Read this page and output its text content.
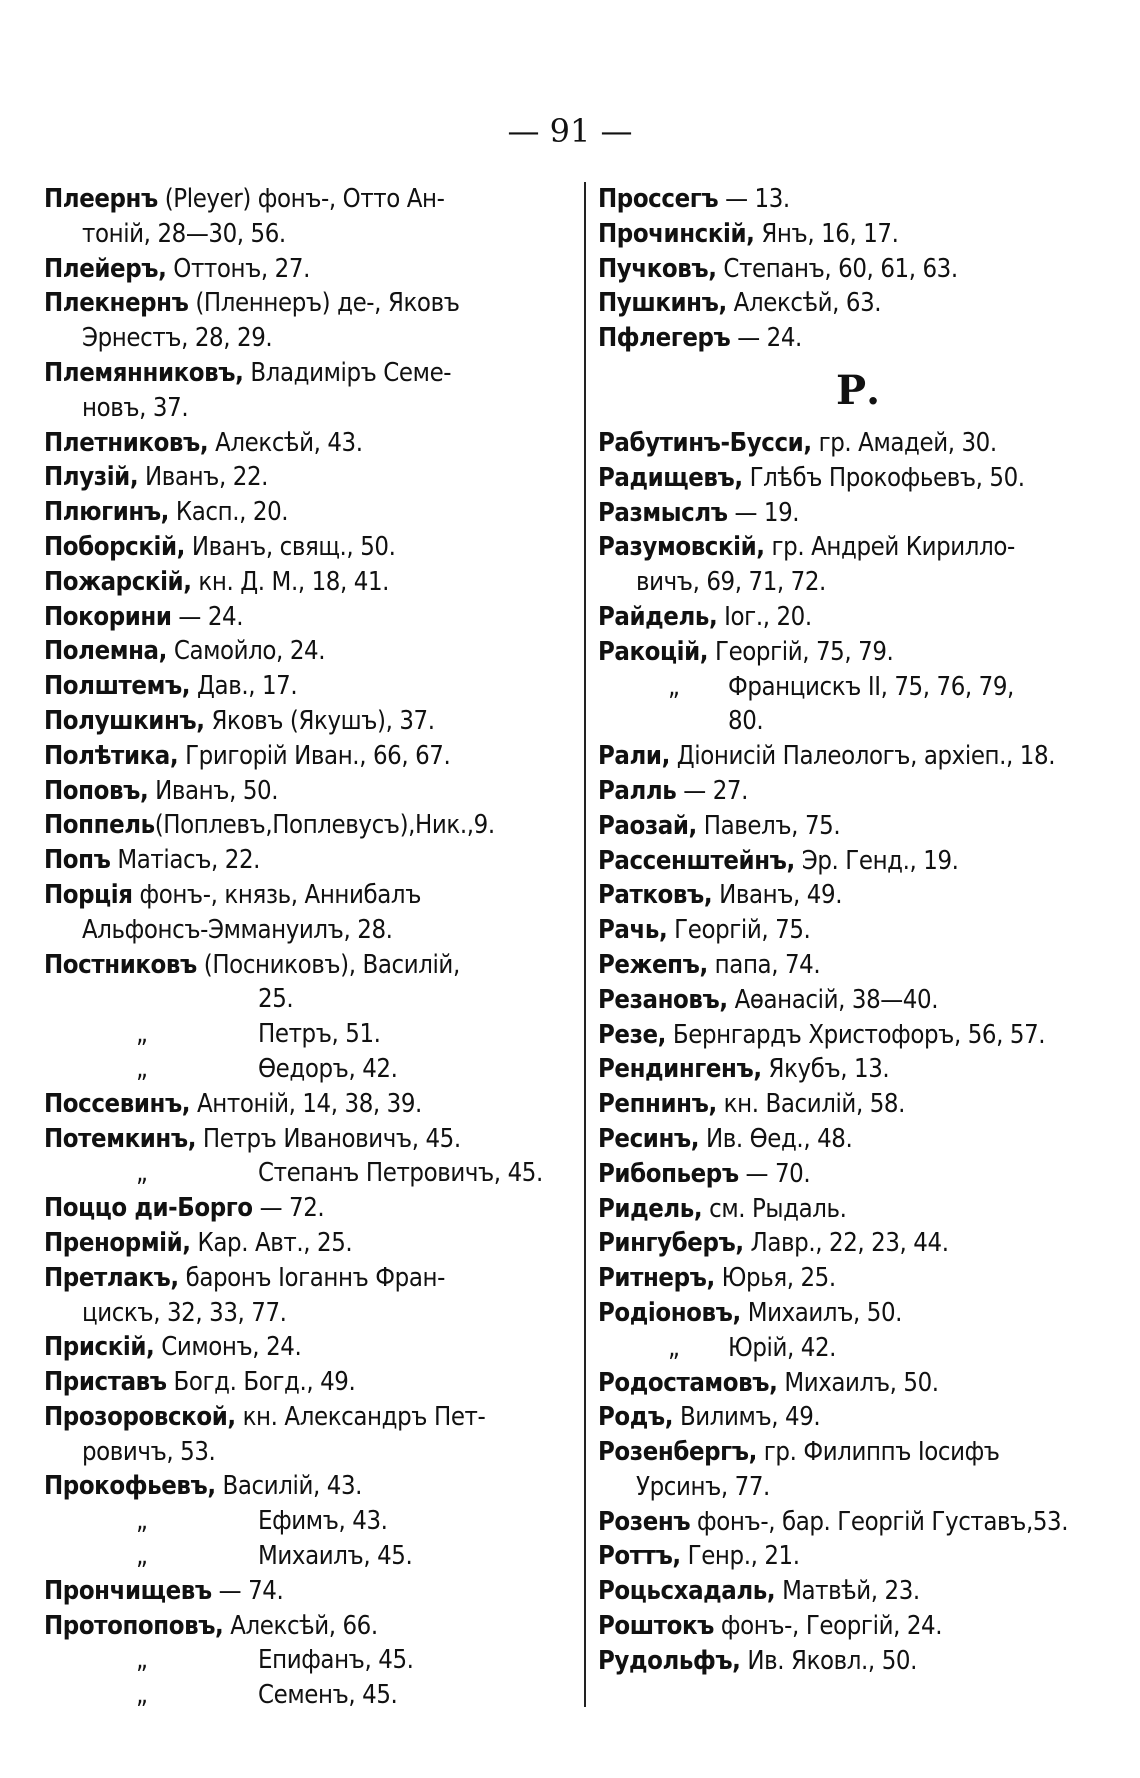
— 91 —
Плеернъ (Pleyer) фонъ-, Отто Ан-
тоній, 28—30, 56.
Плейеръ, Оттонъ, 27.
Плекнернъ (Пленнеръ) де-, Яковъ
Эрнестъ, 28, 29.
Племянниковъ, Владиміръ Семе-
новъ, 37.
Плетниковъ, Алексѣй, 43.
Плузій, Иванъ, 22.
Плюгинъ, Касп., 20.
Поборскій, Иванъ, свящ., 50.
Пожарскій, кн. Д. М., 18, 41.
Покорини — 24.
Полемна, Самойло, 24.
Полштемъ, Дав., 17.
Полушкинъ, Яковъ (Якушъ), 37.
Полѣтика, Григорій Иван., 66, 67.
Поповъ, Иванъ, 50.
Поппель(Поплевъ,Поплевусъ),Ник.,9.
Попъ Матіасъ, 22.
Порція фонъ-, князь, Аннибалъ
Альфонсъ-Эммануилъ, 28.
Постниковъ (Посниковъ), Василій,
25.
„	Петръ, 51.
„	Өедоръ, 42.
Поссевинъ, Антоній, 14, 38, 39.
Потемкинъ, Петръ Ивановичъ, 45.
„	Степанъ Петровичъ, 45.
Поццо ди-Борго — 72.
Пренормій, Кар. Авт., 25.
Претлакъ, баронъ Іоганнъ Фран-
цискъ, 32, 33, 77.
Прискій, Симонъ, 24.
Приставъ Богд. Богд., 49.
Прозоровской, кн. Александръ Пет-
ровичъ, 53.
Прокофьевъ, Василій, 43.
„	Ефимъ, 43.
„	Михаилъ, 45.
Прончищевъ — 74.
Протопоповъ, Алексѣй, 66.
„	Епифанъ, 45.
„	Семенъ, 45.
Проссегъ — 13.
Прочинскій, Янъ, 16, 17.
Пучковъ, Степанъ, 60, 61, 63.
Пушкинъ, Алексѣй, 63.
Пфлегеръ — 24.
Р.
Рабутинъ-Бусси, гр. Амадей, 30.
Радищевъ, Глѣбъ Прокофьевъ, 50.
Размыслъ — 19.
Разумовскій, гр. Андрей Кирилло-
вичъ, 69, 71, 72.
Райдель, Іог., 20.
Ракоцій, Георгій, 75, 79.
„ Францискъ II, 75, 76, 79,
80.
Рали, Діонисій Палеологъ, архіеп., 18.
Ралль — 27.
Раозай, Павелъ, 75.
Рассенштейнъ, Эр. Генд., 19.
Ратковъ, Иванъ, 49.
Рачь, Георгій, 75.
Режепъ, папа, 74.
Резановъ, Аѳанасій, 38—40.
Резе, Бернгардъ Христофоръ, 56, 57.
Рендингенъ, Якубъ, 13.
Репнинъ, кн. Василій, 58.
Ресинъ, Ив. Өед., 48.
Рибопьеръ — 70.
Ридель, см. Рыдаль.
Рингуберъ, Лавр., 22, 23, 44.
Ритнеръ, Юрья, 25.
Родіоновъ, Михаилъ, 50.
„ Юрій, 42.
Родостамовъ, Михаилъ, 50.
Родъ, Вилимъ, 49.
Розенбергъ, гр. Филиппъ Іосифъ
Урсинъ, 77.
Розенъ фонъ-, бар. Георгій Густавъ,53.
Роттъ, Генр., 21.
Роцьсхадаль, Матвѣй, 23.
Роштокъ фонъ-, Георгій, 24.
Рудольфъ, Ив. Яковл., 50.
